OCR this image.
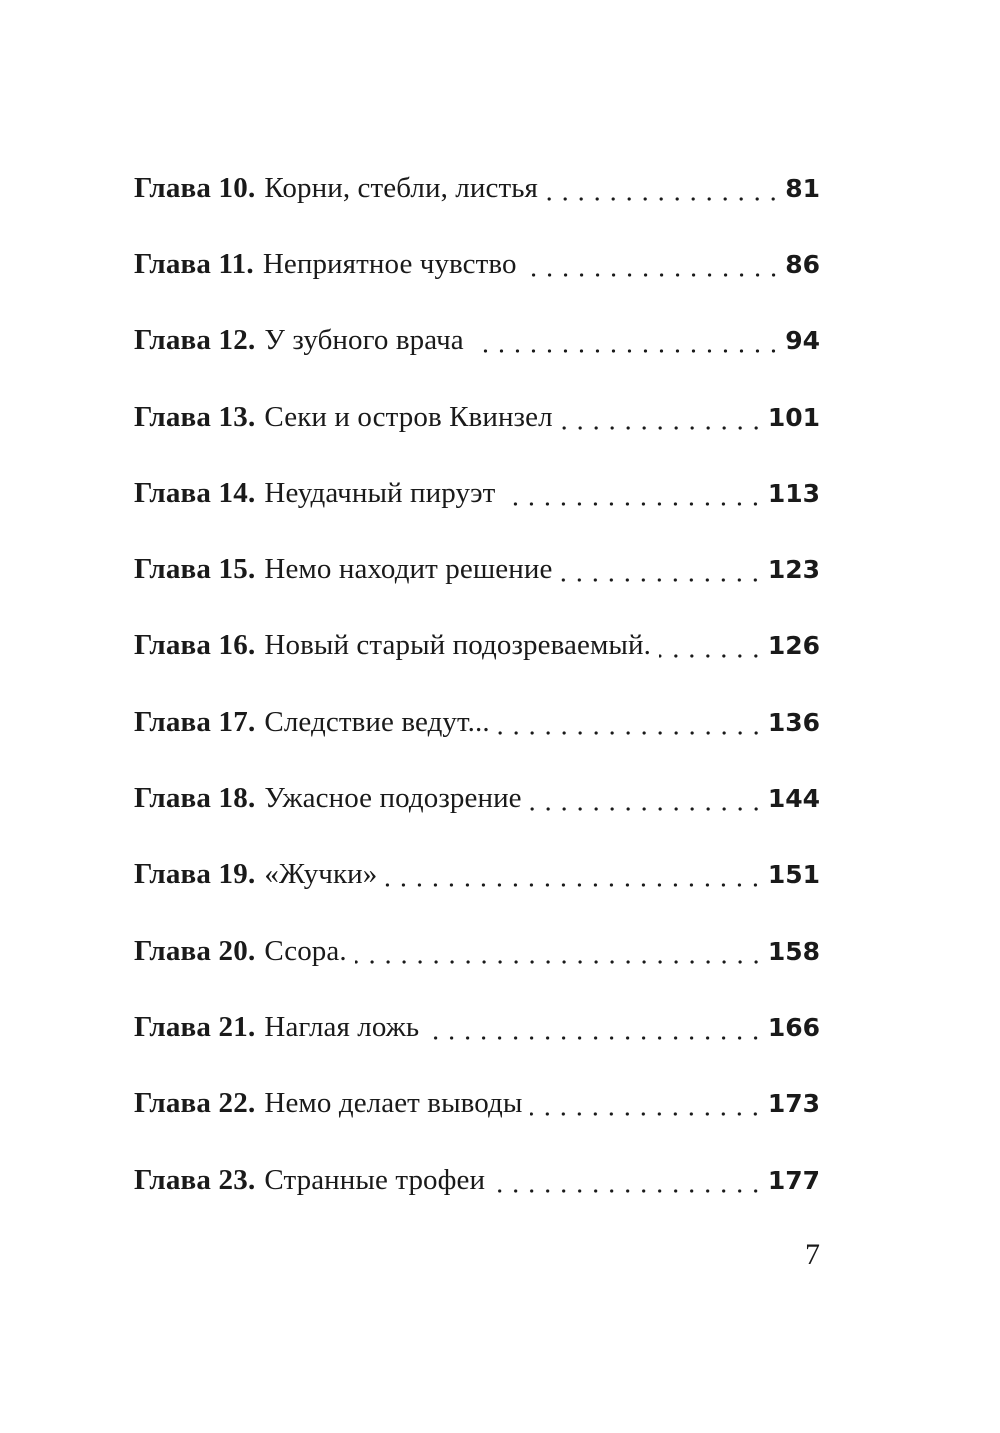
Глава 10. Корни, стебли, листья	81
Глава 11. Неприятное чувство	86
Глава 12. У зубного врача	94
Глава 13. Секи и остров Квинзел	101
Глава 14. Неудачный пируэт	113
Глава 15. Немо находит решение	123
Глава 16. Новый старый подозреваемый.	126
Глава 17. Следствие ведут...	136
Глава 18. Ужасное подозрение	144
Глава 19. «Жучки»	151
Глава 20. Ссора.	158
Глава 21. Наглая ложь	166
Глава 22. Немо делает выводы	173
Глава 23. Странные трофеи	177
7
